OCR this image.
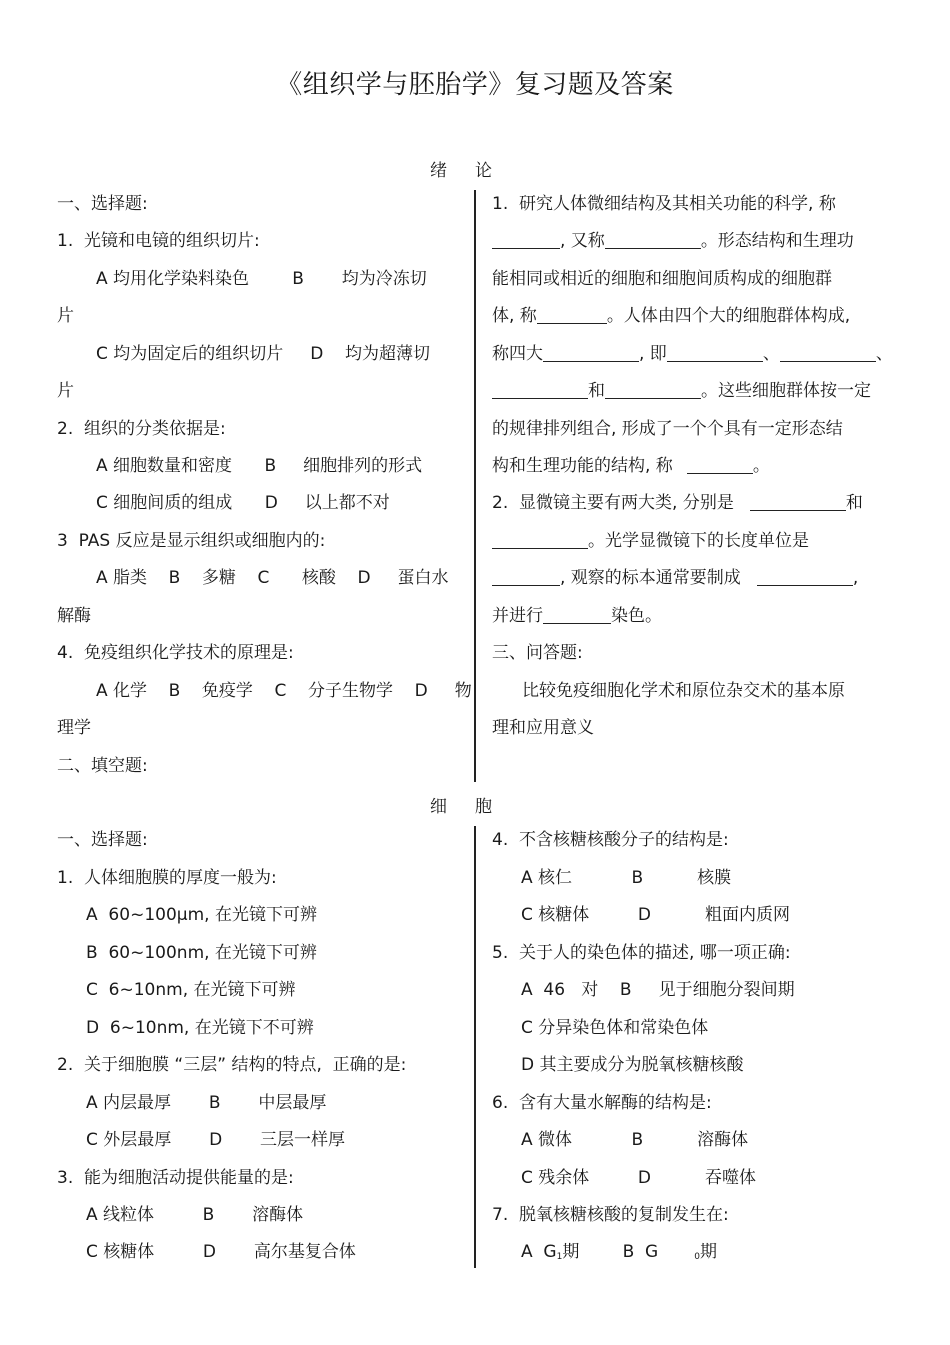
《组织学与胚胎学》复习题及答案
绪论
一、选择题:
1.  光镜和电镜的组织切片:
A 均用化学染料染色        B       均为冷冻切
片
C 均为固定后的组织切片     D    均为超薄切
片
2.  组织的分类依据是:
A 细胞数量和密度      B     细胞排列的形式
C 细胞间质的组成      D     以上都不对
3  PAS 反应是显示组织或细胞内的:
A 脂类    B    多糖    C      核酸    D     蛋白水
解酶
4.  免疫组织化学技术的原理是:
A 化学    B    免疫学    C    分子生物学    D     物
理学
二、填空题:
1.  研究人体微细结构及其相关功能的科学, 称
, 又称	。形态结构和生理功
能相同或相近的细胞和细胞间质构成的细胞群
体, 称	。人体由四个大的细胞群体构成,
称四大	, 即	、	、
和	。这些细胞群体按一定
的规律排列组合, 形成了一个个具有一定形态结
构和生理功能的结构, 称	。
2.  显微镜主要有两大类, 分别是	和
。光学显微镜下的长度单位是
, 观察的标本通常要制成	,
并进行	染色。
三、问答题:
比较免疫细胞化学术和原位杂交术的基本原
理和应用意义
细胞
一、选择题:
1.  人体细胞膜的厚度一般为:
A  60~100μm, 在光镜下可辨
B  60~100nm, 在光镜下可辨
C  6~10nm, 在光镜下可辨
D  6~10nm, 在光镜下不可辨
2.  关于细胞膜 “三层” 结构的特点,  正确的是:
A 内层最厚       B       中层最厚
C 外层最厚       D       三层一样厚
3.  能为细胞活动提供能量的是:
A 线粒体         B       溶酶体
C 核糖体         D       高尔基复合体
4.  不含核糖核酸分子的结构是:
A 核仁           B          核膜
C 核糖体         D          粗面内质网
5.  关于人的染色体的描述, 哪一项正确:
A  46   对    B     见于细胞分裂间期
C 分异染色体和常染色体
D 其主要成分为脱氧核糖核酸
6.  含有大量水解酶的结构是:
A 微体           B          溶酶体
C 残余体         D          吞噬体
7.  脱氧核糖核酸的复制发生在:
A  $G_1$期        B  G	$_0$期
